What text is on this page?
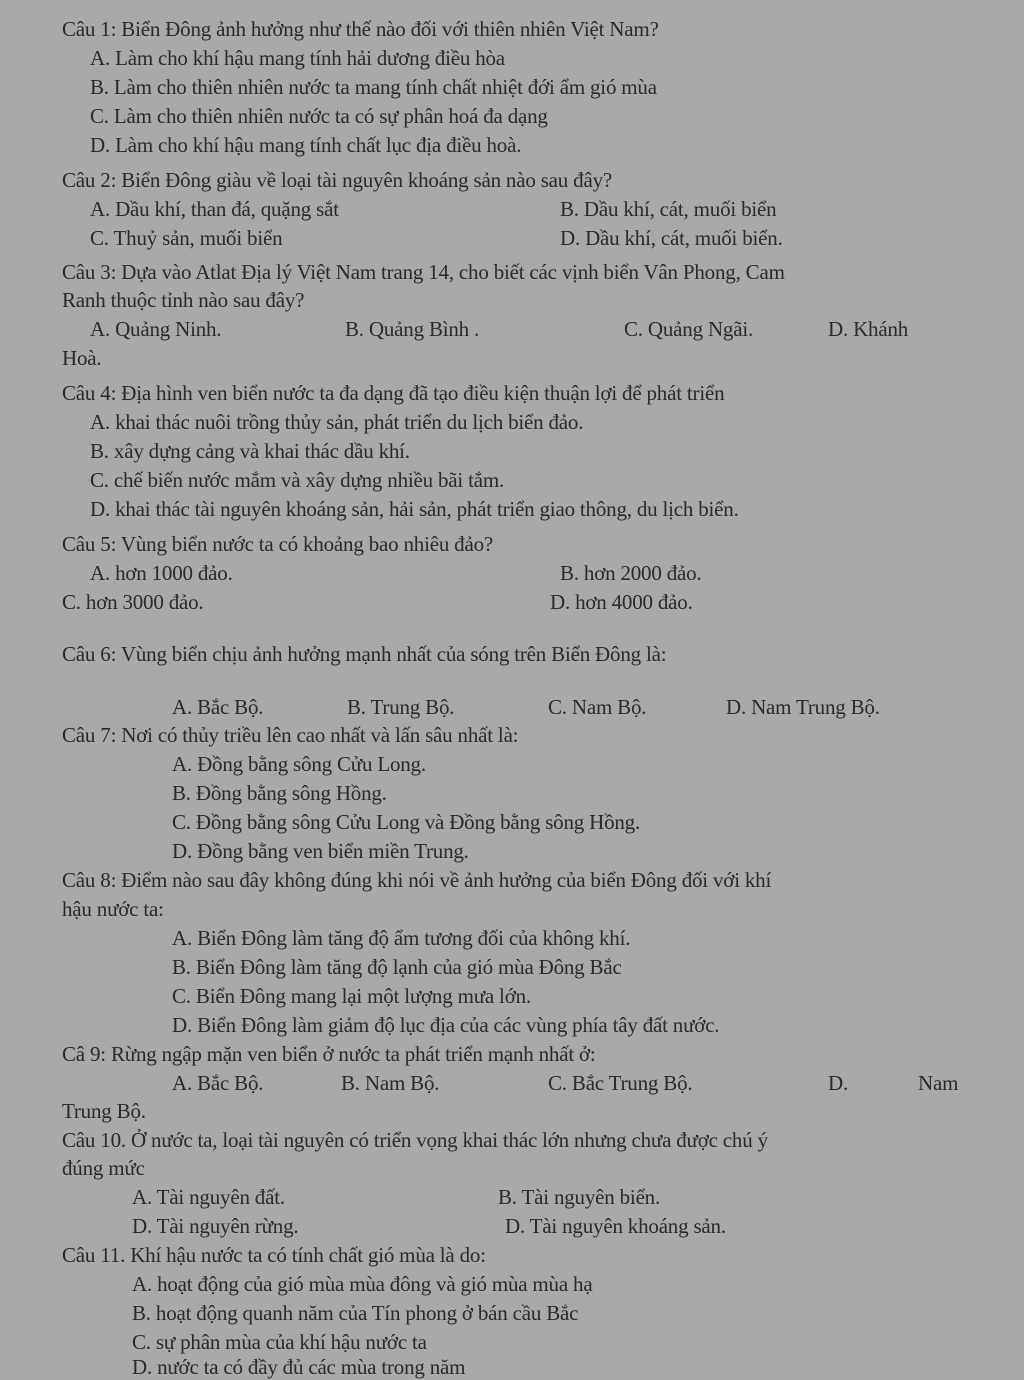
Câu 1: Biển Đông ảnh hưởng như thế nào đối với thiên nhiên Việt Nam?
A. Làm cho khí hậu mang tính hải dương điều hòa
B. Làm cho thiên nhiên nước ta mang tính chất nhiệt đới ẩm gió mùa
C. Làm cho thiên nhiên nước ta có sự phân hoá đa dạng
D. Làm cho khí hậu mang tính chất lục địa điều hoà.
Câu 2: Biển Đông giàu về loại tài nguyên khoáng sản nào sau đây?
A. Dầu khí, than đá, quặng sắt	B. Dầu khí, cát, muối biển
C. Thuỷ sản, muối biển	D. Dầu khí, cát, muối biển.
Câu 3: Dựa vào Atlat Địa lý Việt Nam trang 14, cho biết các vịnh biển Vân Phong, Cam
Ranh thuộc tỉnh nào sau đây?
A. Quảng Ninh.	B. Quảng Bình .	C. Quảng Ngãi.	D. Khánh
Hoà.
Câu 4: Địa hình ven biển nước ta đa dạng đã tạo điều kiện thuận lợi để phát triển
A. khai thác nuôi trồng thủy sản, phát triển du lịch biển đảo.
B. xây dựng cảng và khai thác dầu khí.
C. chế biến nước mắm và xây dựng nhiều bãi tắm.
D. khai thác tài nguyên khoáng sản, hải sản, phát triển giao thông, du lịch biển.
Câu 5: Vùng biển nước ta có khoảng bao nhiêu đảo?
A. hơn 1000 đảo.	B. hơn 2000 đảo.
C. hơn 3000 đảo.	D. hơn 4000 đảo.
Câu 6: Vùng biển chịu ảnh hưởng mạnh nhất của sóng trên Biển Đông là:
A. Bắc Bộ.	B. Trung Bộ.	C. Nam Bộ.	D. Nam Trung Bộ.
Câu 7: Nơi có thủy triều lên cao nhất và lấn sâu nhất là:
A. Đồng bằng sông Cửu Long.
B. Đồng bằng sông Hồng.
C. Đồng bằng sông Cửu Long và Đồng bằng sông Hồng.
D. Đồng bằng ven biển miền Trung.
Câu 8: Điểm nào sau đây không đúng khi nói về ảnh hưởng của biển Đông đối với khí
hậu nước ta:
A. Biển Đông làm tăng độ ẩm tương đối của không khí.
B. Biển Đông làm tăng độ lạnh của gió mùa Đông Bắc
C. Biển Đông mang lại một lượng mưa lớn.
D. Biển Đông làm giảm độ lục địa của các vùng phía tây đất nước.
Câ 9: Rừng ngập mặn ven biển ở nước ta phát triển mạnh nhất ở:
A. Bắc Bộ.	B. Nam Bộ.	C. Bắc Trung Bộ.	D.	Nam
Trung Bộ.
Câu 10. Ở nước ta, loại tài nguyên có triển vọng khai thác lớn nhưng chưa được chú ý
đúng mức
A. Tài nguyên đất.	B. Tài nguyên biển.
D. Tài nguyên rừng.	D. Tài nguyên khoáng sản.
Câu 11. Khí hậu nước ta có tính chất gió mùa là do:
A. hoạt động của gió mùa mùa đông và gió mùa mùa hạ
B. hoạt động quanh năm của Tín phong ở bán cầu Bắc
C. sự phân mùa của khí hậu nước ta
D. nước ta có đầy đủ các mùa trong năm
